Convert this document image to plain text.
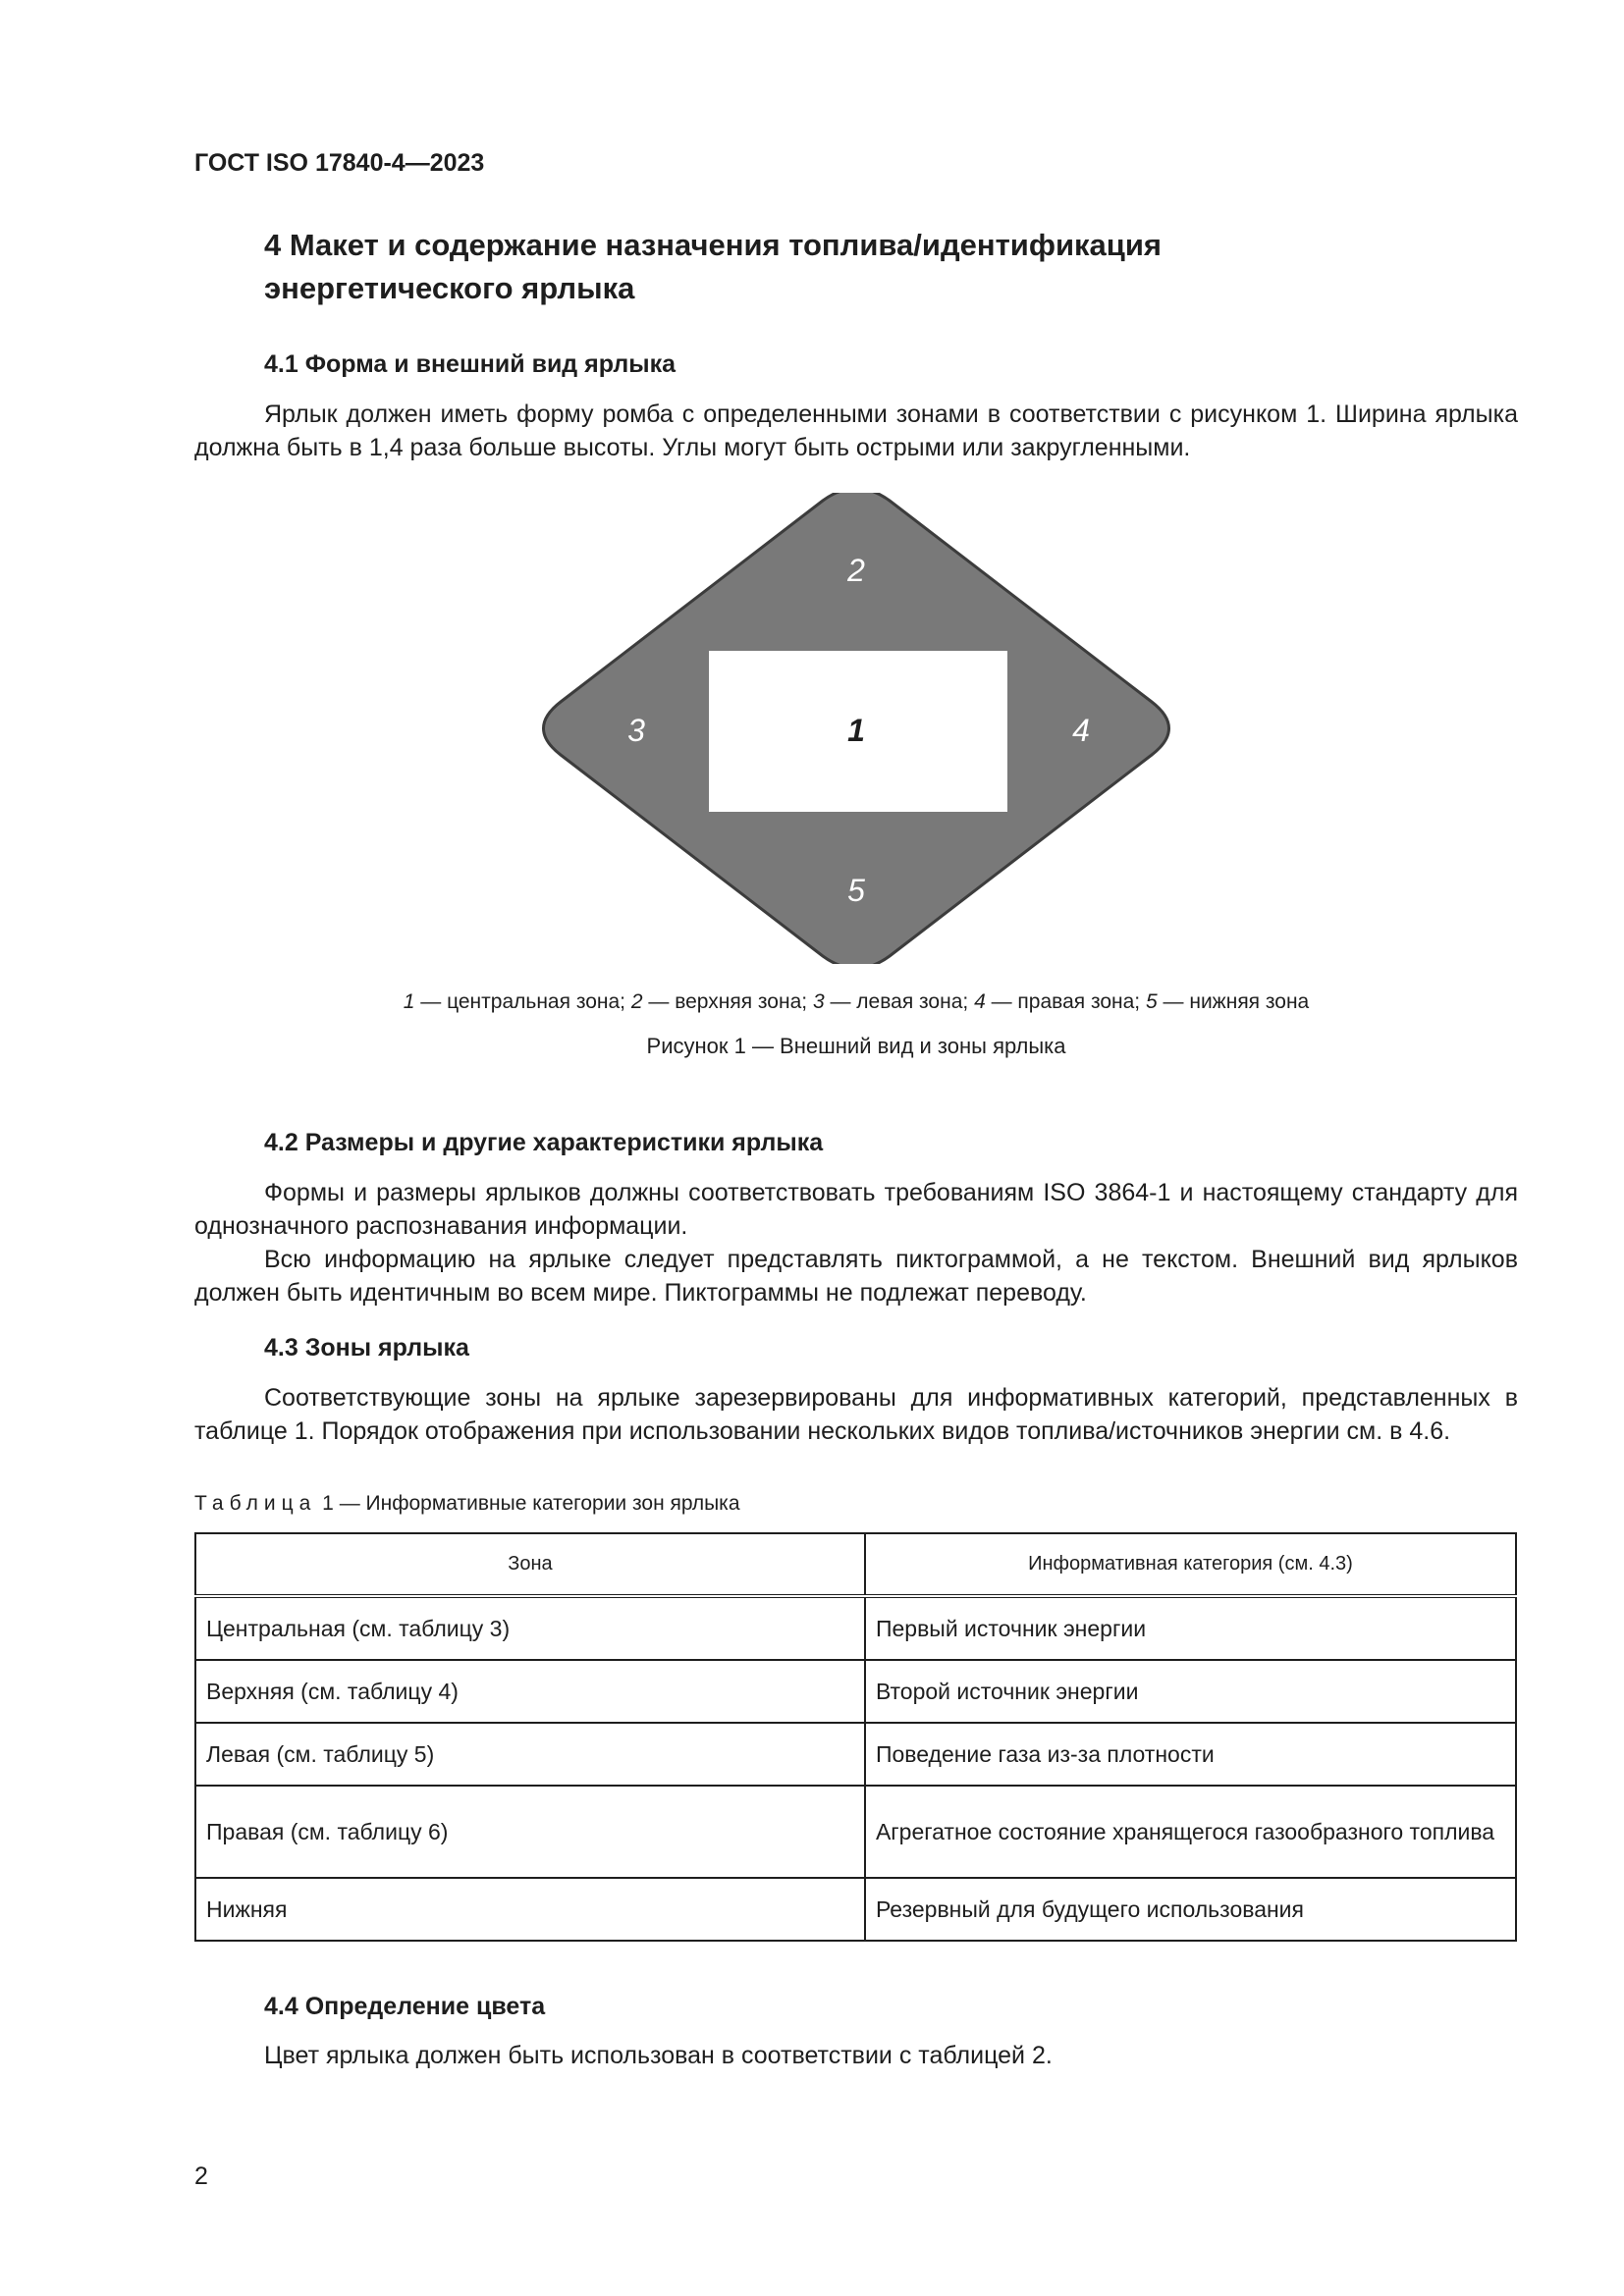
ГОСТ ISO 17840-4—2023
4 Макет и содержание назначения топлива/идентификация энергетического ярлыка
4.1 Форма и внешний вид ярлыка

Ярлык должен иметь форму ромба с определенными зонами в соответствии с рисунком 1. Ширина ярлыка должна быть в 1,4 раза больше высоты. Углы могут быть острыми или закругленными.

2
3	1	4
5
1 — центральная зона; 2 — верхняя зона; 3 — левая зона; 4 — правая зона; 5 — нижняя зона
Рисунок 1 — Внешний вид и зоны ярлыка
4.2 Размеры и другие характеристики ярлыка

Формы и размеры ярлыков должны соответствовать требованиям ISO 3864-1 и настоящему стандарту для однозначного распознавания информации.

Всю информацию на ярлыке следует представлять пиктограммой, а не текстом. Внешний вид ярлыков должен быть идентичным во всем мире. Пиктограммы не подлежат переводу.

4.3 Зоны ярлыка

Соответствующие зоны на ярлыке зарезервированы для информативных категорий, представленных в таблице 1. Порядок отображения при использовании нескольких видов топлива/источников энергии см. в 4.6.

Таблица 1 — Информативные категории зон ярлыка
Зона	Информативная категория (см. 4.3)
Центральная (см. таблицу 3)	Первый источник энергии
Верхняя (см. таблицу 4)	Второй источник энергии
Левая (см. таблицу 5)	Поведение газа из-за плотности
Правая (см. таблицу 6)	Агрегатное состояние хранящегося газообразного топлива
Нижняя	Резервный для будущего использования
4.4 Определение цвета

Цвет ярлыка должен быть использован в соответствии с таблицей 2.

2
